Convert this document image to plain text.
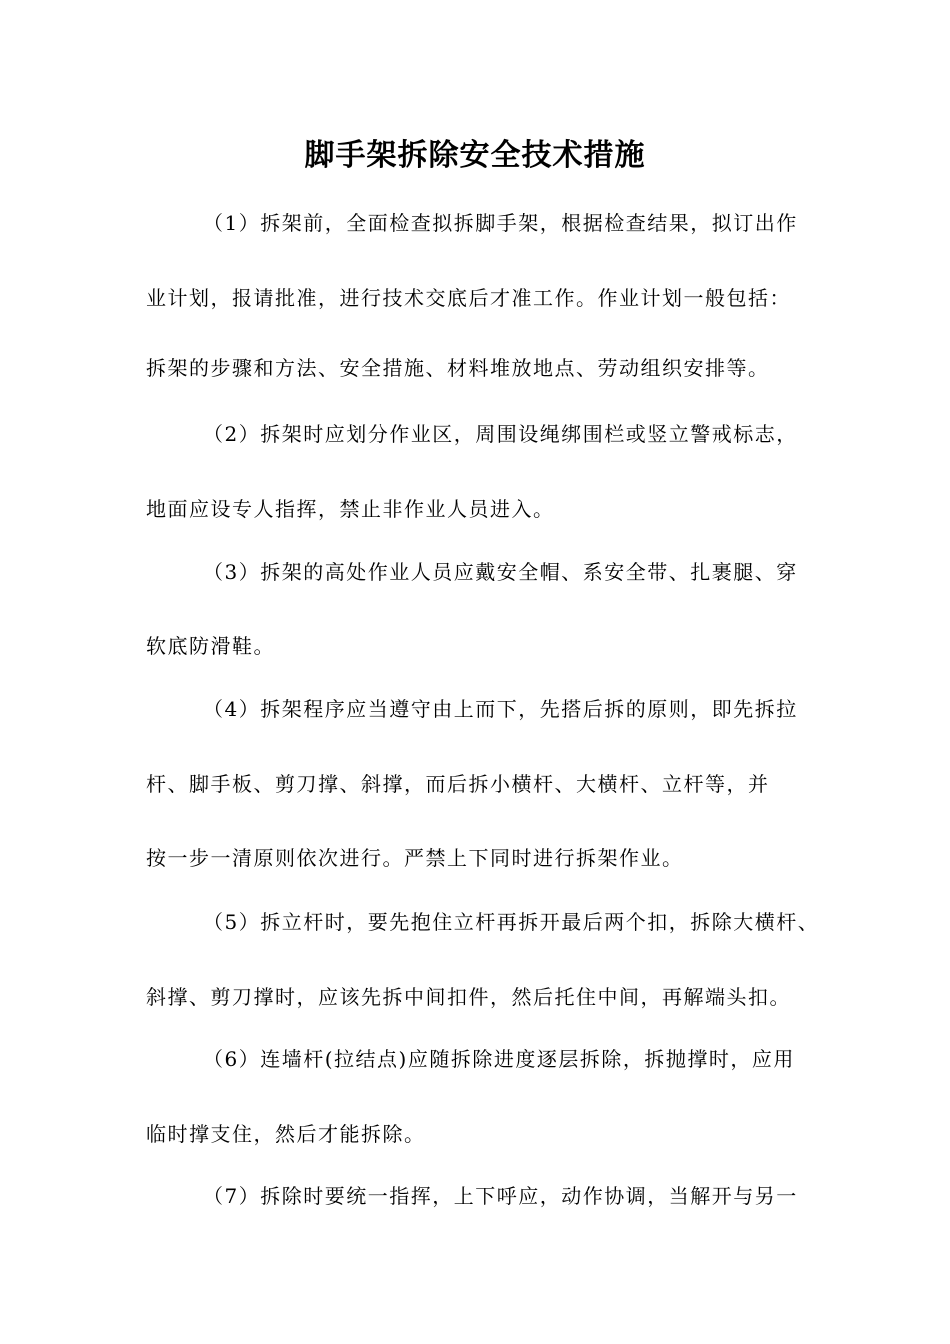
脚手架拆除安全技术措施
（1）拆架前，全面检查拟拆脚手架，根据检查结果，拟订出作
业计划，报请批准，进行技术交底后才准工作。作业计划一般包括：
拆架的步骤和方法、安全措施、材料堆放地点、劳动组织安排等。
（2）拆架时应划分作业区，周围设绳绑围栏或竖立警戒标志，
地面应设专人指挥，禁止非作业人员进入。
（3）拆架的高处作业人员应戴安全帽、系安全带、扎裹腿、穿
软底防滑鞋。
（4）拆架程序应当遵守由上而下，先搭后拆的原则，即先拆拉
杆、脚手板、剪刀撑、斜撑，而后拆小横杆、大横杆、立杆等，并
按一步一清原则依次进行。严禁上下同时进行拆架作业。
（5）拆立杆时，要先抱住立杆再拆开最后两个扣，拆除大横杆、
斜撑、剪刀撑时，应该先拆中间扣件，然后托住中间，再解端头扣。
（6）连墙杆(拉结点)应随拆除进度逐层拆除，拆抛撑时，应用
临时撑支住，然后才能拆除。
（7）拆除时要统一指挥，上下呼应，动作协调，当解开与另一
